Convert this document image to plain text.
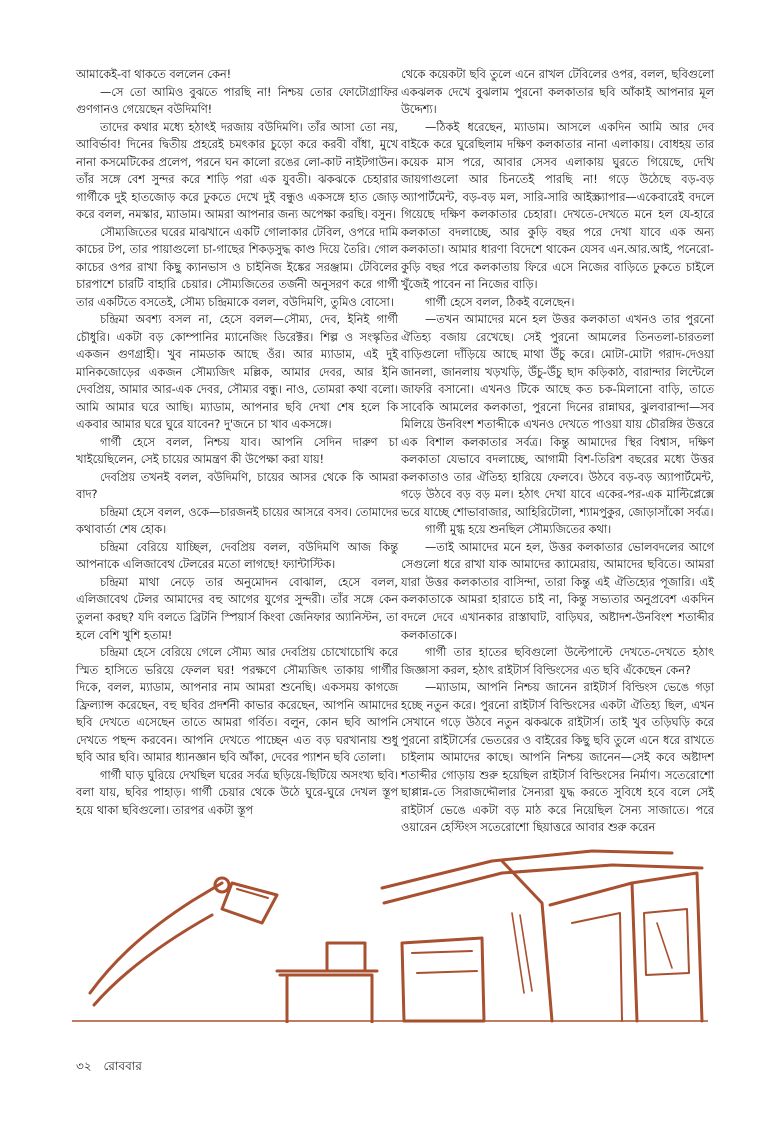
আমাকেই-বা থাকতে বললেন কেন!

—সে তো আমিও বুঝতে পারছি না! নিশ্চয় তোর ফোটোগ্রাফির গুণগানও গেয়েছেন বউদিমণি!

তাদের কথার মধ্যে হঠাৎই দরজায় বউদিমণি। তাঁর আসা তো নয়, আবির্ভাব! দিনের দ্বিতীয় প্রহরেই চমৎকার চুড়ো করে করবী বাঁধা, মুখে নানা কসমেটিকের প্রলেপ, পরনে ঘন কালো রঙের লো-কাট নাইটগাউন। তাঁর সঙ্গে বেশ সুন্দর করে শাড়ি পরা এক যুবতী। ঝকঝকে চেহারার গার্গীকে দুই হাতজোড় করে ঢুকতে দেখে দুই বন্ধুও একসঙ্গে হাত জোড় করে বলল, নমস্কার, ম্যাডাম। আমরা আপনার জন্য অপেক্ষা করছি। বসুন।

সৌম্যজিতের ঘরের মাঝখানে একটি গোলাকার টেবিল, ওপরে দামি কাচের টপ, তার পায়াগুলো চা-গাছের শিকড়সুদ্ধ কাণ্ড দিয়ে তৈরি। গোল কাচের ওপর রাখা কিছু ক্যানভাস ও চাইনিজ ইঙ্কের সরঞ্জাম। টেবিলের চারপাশে চারটি বাহারি চেয়ার। সৌম্যজিতের তর্জনী অনুসরণ করে গার্গী তার একটিতে বসতেই, সৌম্য চন্দ্রিমাকে বলল, বউদিমণি, তুমিও বোসো।

চন্দ্রিমা অবশ্য বসল না, হেসে বলল—সৌম্য, দেব, ইনিই গার্গী চৌধুরি। একটা বড় কোম্পানির ম্যানেজিং ডিরেক্টর। শিল্প ও সংস্কৃতির একজন গুণগ্রাহী। খুব নামডাক আছে ওঁর। আর ম্যাডাম, এই দুই মানিকজোড়ের একজন সৌম্যজিৎ মল্লিক, আমার দেবর, আর ইনি দেবপ্রিয়, আমার আর-এক দেবর, সৌম্যর বন্ধু। নাও, তোমরা কথা বলো। আমি আমার ঘরে আছি। ম্যাডাম, আপনার ছবি দেখা শেষ হলে কি একবার আমার ঘরে ঘুরে যাবেন? দু'জনে চা খাব একসঙ্গে।

গার্গী হেসে বলল, নিশ্চয় যাব। আপনি সেদিন দারুণ চা খাইয়েছিলেন, সেই চায়ের আমন্ত্রণ কী উপেক্ষা করা যায়!

দেবপ্রিয় তখনই বলল, বউদিমণি, চায়ের আসর থেকে কি আমরা বাদ?

চন্দ্রিমা হেসে বলল, ওকে—চারজনই চায়ের আসরে বসব। তোমাদের কথাবার্তা শেষ হোক।

চন্দ্রিমা বেরিয়ে যাচ্ছিল, দেবপ্রিয় বলল, বউদিমণি আজ কিন্তু আপনাকে এলিজাবেথ টেলরের মতো লাগছে! ফ্যান্টাস্টিক।

চন্দ্রিমা মাথা নেড়ে তার অনুমোদন বোঝাল, হেসে বলল, এলিজাবেথ টেলর আমাদের বহু আগের যুগের সুন্দরী। তাঁর সঙ্গে কেন তুলনা করছ? যদি বলতে ব্রিটনি স্পিয়ার্স কিংবা জেনিফার অ্যানিস্টন, তা হলে বেশি খুশি হতাম!

চন্দ্রিমা হেসে বেরিয়ে গেলে সৌম্য আর দেবপ্রিয় চোখোচোখি করে স্মিত হাসিতে ভরিয়ে ফেলল ঘর! পরক্ষণে সৌম্যজিৎ তাকায় গার্গীর দিকে, বলল, ম্যাডাম, আপনার নাম আমরা শুনেছি। একসময় কাগজে ফ্রিল্যান্স করেছেন, বহু ছবির প্রদর্শনী কাভার করেছেন, আপনি আমাদের ছবি দেখতে এসেছেন তাতে আমরা গর্বিত। বলুন, কোন ছবি আপনি দেখতে পছন্দ করবেন। আপনি দেখতে পাচ্ছেন এত বড় ঘরখানায় শুধু ছবি আর ছবি। আমার ধ্যানজ্ঞান ছবি আঁকা, দেবের প্যাশন ছবি তোলা।

গার্গী ঘাড় ঘুরিয়ে দেখছিল ঘরের সর্বত্র ছড়িয়ে-ছিটিয়ে অসংখ্য ছবি। বলা যায়, ছবির পাহাড়। গার্গী চেয়ার থেকে উঠে ঘুরে-ঘুরে দেখল স্তূপ হয়ে থাকা ছবিগুলো। তারপর একটা স্তূপ

থেকে কয়েকটা ছবি তুলে এনে রাখল টেবিলের ওপর, বলল, ছবিগুলো একঝলক দেখে বুঝলাম পুরনো কলকাতার ছবি আঁকাই আপনার মূল উদ্দেশ্য।

—ঠিকই ধরেছেন, ম্যাডাম। আসলে একদিন আমি আর দেব বাইকে করে ঘুরেছিলাম দক্ষিণ কলকাতার নানা এলাকায়। বোধহয় তার কয়েক মাস পরে, আবার সেসব এলাকায় ঘুরতে গিয়েছে, দেখি জায়গাগুলো আর চিনতেই পারছি না! গড়ে উঠেছে বড়-বড় অ্যাপার্টমেন্ট, বড়-বড় মল, সারি-সারি আইস্ক্র্যাপার—একেবারেই বদলে গিয়েছে দক্ষিণ কলকাতার চেহারা। দেখতে-দেখতে মনে হল যে-হারে কলকাতা বদলাচ্ছে, আর কুড়ি বছর পরে দেখা যাবে এক অন্য কলকাতা। আমার ধারণা বিদেশে থাকেন যেসব এন.আর.আই, পনেরো-কুড়ি বছর পরে কলকাতায় ফিরে এসে নিজের বাড়িতে ঢুকতে চাইলে খুঁজেই পাবেন না নিজের বাড়ি।

গার্গী হেসে বলল, ঠিকই বলেছেন।

—তখন আমাদের মনে হল উত্তর কলকাতা এখনও তার পুরনো ঐতিহ্য বজায় রেখেছে। সেই পুরনো আমলের তিনতলা-চারতলা বাড়িগুলো দাঁড়িয়ে আছে মাথা উঁচু করে। মোটা-মোটা গরাদ-দেওয়া জানলা, জানলায় খড়খড়ি, উঁচু-উঁচু ছাদ কড়িকাঠ, বারান্দার লিন্টেলে জাফরি বসানো। এখনও টিকে আছে কত চক-মিলানো বাড়ি, তাতে সাবেকি আমলের কলকাতা, পুরনো দিনের রান্নাঘর, ঝুলবারান্দা—সব মিলিয়ে উনবিংশ শতাব্দীকে এখনও দেখতে পাওয়া যায় চৌরঙ্গির উত্তরে এক বিশাল কলকাতার সর্বত্র। কিন্তু আমাদের স্থির বিশ্বাস, দক্ষিণ কলকাতা যেভাবে বদলাচ্ছে, আগামী বিশ-তিরিশ বছরের মধ্যে উত্তর কলকাতাও তার ঐতিহ্য হারিয়ে ফেলবে। উঠবে বড়-বড় অ্যাপার্টমেন্ট, গড়ে উঠবে বড় বড় মল। হঠাৎ দেখা যাবে একের-পর-এক মাল্টিপ্লেক্সে ভরে যাচ্ছে শোভাবাজার, আহিরিটোলা, শ্যামপুকুর, জোড়াসাঁকো সর্বত্র।

গার্গী মুগ্ধ হয়ে শুনছিল সৌম্যজিতের কথা।

—তাই আমাদের মনে হল, উত্তর কলকাতার ভোলবদলের আগে সেগুলো ধরে রাখা যাক আমাদের ক্যামেরায়, আমাদের ছবিতে। আমরা যারা উত্তর কলকাতার বাসিন্দা, তারা কিন্তু এই ঐতিহ্যের পূজারি। এই কলকাতাকে আমরা হারাতে চাই না, কিন্তু সভ্যতার অনুপ্রবেশ একদিন বদলে দেবে এখানকার রাস্তাঘাট, বাড়িঘর, অষ্টাদশ-উনবিংশ শতাব্দীর কলকাতাকে।

গার্গী তার হাতের ছবিগুলো উল্টেপাল্টে দেখতে-দেখতে হঠাৎ জিজ্ঞাসা করল, হঠাৎ রাইটার্স বিল্ডিংসের এত ছবি এঁকেছেন কেন?

—ম্যাডাম, আপনি নিশ্চয় জানেন রাইটার্স বিল্ডিংস ভেঙে গড়া হচ্ছে নতুন করে। পুরনো রাইটার্স বিল্ডিংসের একটা ঐতিহ্য ছিল, এখন সেখানে গড়ে উঠবে নতুন ঝকঝকে রাইটার্স। তাই খুব তড়িঘড়ি করে পুরনো রাইটার্সের ভেতরের ও বাইরের কিছু ছবি তুলে এনে ধরে রাখতে চাইলাম আমাদের কাছে। আপনি নিশ্চয় জানেন—সেই কবে অষ্টাদশ শতাব্দীর গোড়ায় শুরু হয়েছিল রাইটার্স বিল্ডিংসের নির্মাণ। সতেরোশো ছাপ্পান্ন-তে সিরাজদ্দৌলার সৈন্যরা যুদ্ধ করতে সুবিধে হবে বলে সেই রাইটার্স ভেঙে একটা বড় মাঠ করে নিয়েছিল সৈন্য সাজাতে। পরে ওয়ারেন হেস্টিংস সতেরোশো ছিয়াত্তরে আবার শুরু করেন

৩২ রোববার
